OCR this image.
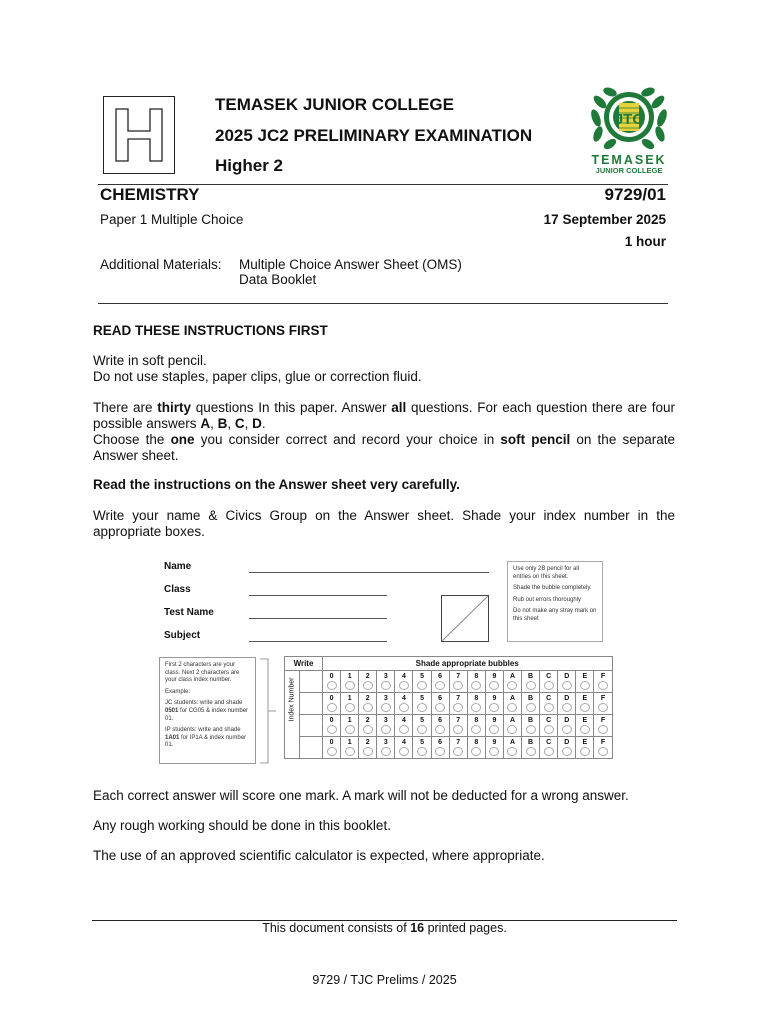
TEMASEK JUNIOR COLLEGE
2025 JC2 PRELIMINARY EXAMINATION
Higher 2
JTC
TEMASEK
JUNIOR COLLEGE
CHEMISTRY	9729/01
Paper 1 Multiple Choice	17 September 2025
1 hour
Additional Materials: Multiple Choice Answer Sheet (OMS)
Data Booklet
READ THESE INSTRUCTIONS FIRST
Write in soft pencil.
Do not use staples, paper clips, glue or correction fluid.
There are thirty questions In this paper. Answer all questions. For each question there are four possible answers A, B, C, D.
Choose the one you consider correct and record your choice in soft pencil on the separate Answer sheet.
Read the instructions on the Answer sheet very carefully.
Write your name & Civics Group on the Answer sheet. Shade your index number in the appropriate boxes.
Name
Class
Test Name
Subject

Use only 2B pencil for all entries on this sheet.

Shade the bubble completely.

Rub out errors thoroughly

Do not make any stray mark on this sheet

First 2 characters are your class. Next 2 characters are your class index number.

Example:

JC students: write and shade 0501 for CG05 & index number 01.

IP students: write and shade 1A01 for IP1A & index number 01.

Write		Shade appropriate bubbles															

Index Number		0	1	2	3	4	5	6	7	8	9	A	B	C	D	E	F

		0	1	2	3	4	5	6	7	8	9	A	B	C	D	E	F

		0	1	2	3	4	5	6	7	8	9	A	B	C	D	E	F

		0	1	2	3	4	5	6	7	8	9	A	B	C	D	E	F
Each correct answer will score one mark. A mark will not be deducted for a wrong answer.
Any rough working should be done in this booklet.
The use of an approved scientific calculator is expected, where appropriate.
This document consists of 16 printed pages.
9729 / TJC Prelims / 2025
